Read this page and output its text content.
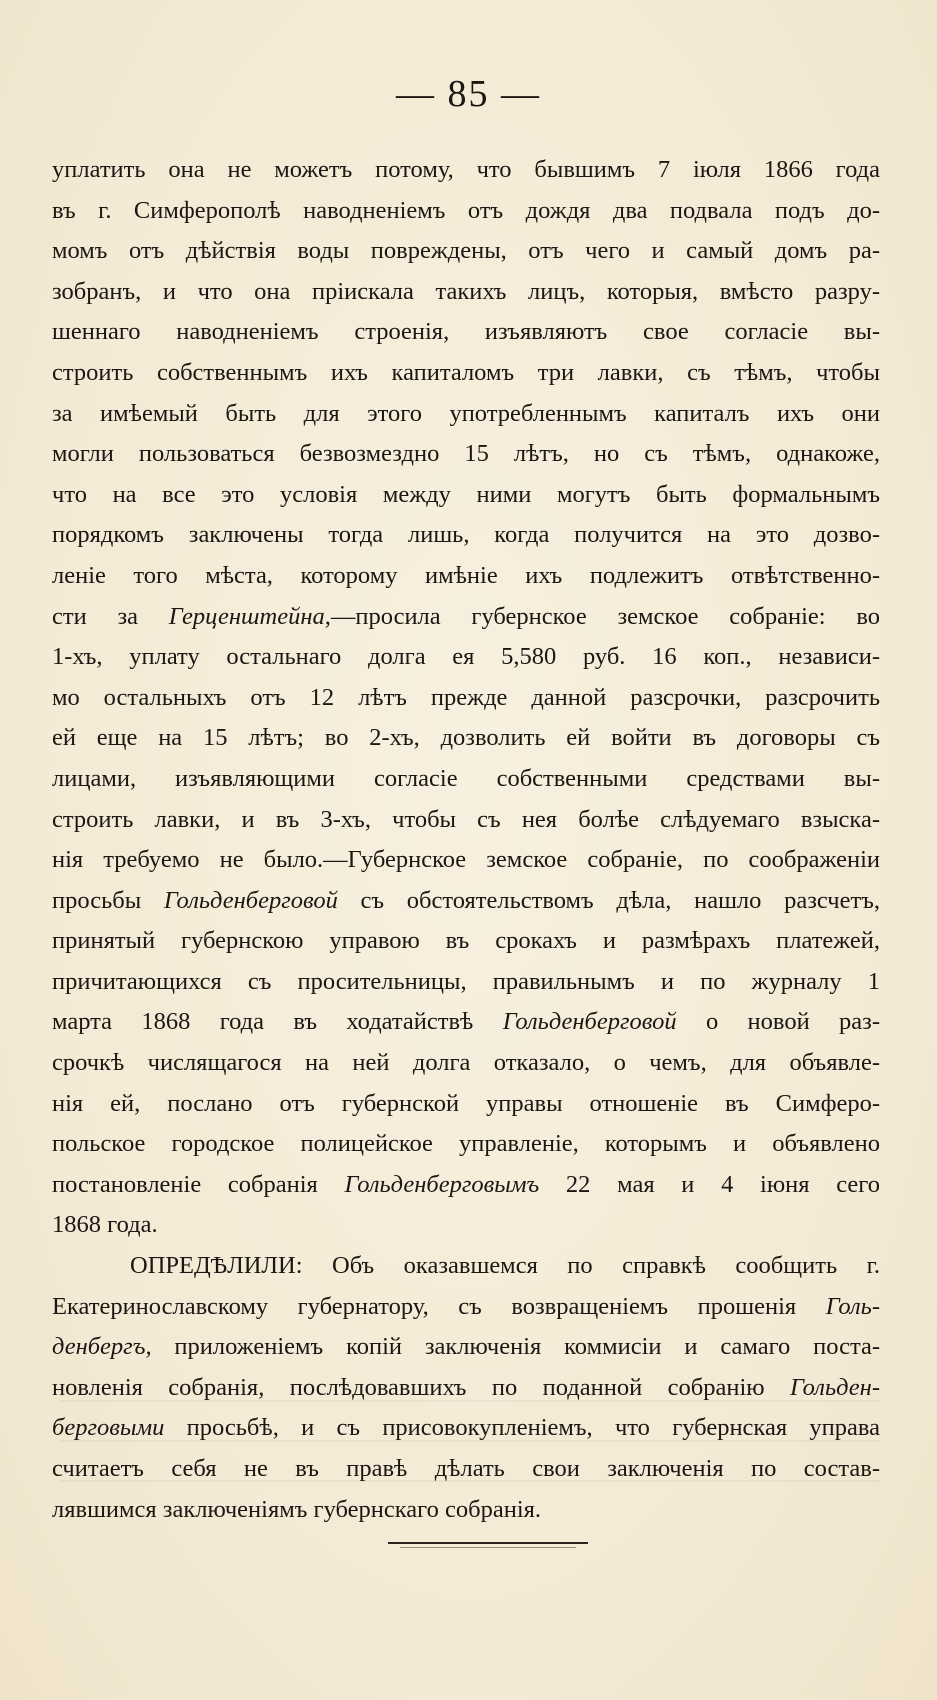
— 85 —
уплатить она не можетъ потому, что бывшимъ 7 іюля 1866 года
въ г. Симферополѣ наводненіемъ отъ дождя два подвала подъ до-
момъ отъ дѣйствія воды повреждены, отъ чего и самый домъ ра-
зобранъ, и что она пріискала такихъ лицъ, которыя, вмѣсто разру-
шеннаго наводненіемъ строенія, изъявляютъ свое согласіе вы-
строить собственнымъ ихъ капиталомъ три лавки, съ тѣмъ, чтобы
за имѣемый быть для этого употребленнымъ капиталъ ихъ они
могли пользоваться безвозмездно 15 лѣтъ, но съ тѣмъ, однакоже,
что на все это условія между ними могутъ быть формальнымъ
порядкомъ заключены тогда лишь, когда получится на это дозво-
леніе того мѣста, которому имѣніе ихъ подлежитъ отвѣтственно-
сти за Герценштейна,—просила губернское земское собраніе: во
1-хъ, уплату остальнаго долга ея 5,580 руб. 16 коп., независи-
мо остальныхъ отъ 12 лѣтъ прежде данной разсрочки, разсрочить
ей еще на 15 лѣтъ; во 2-хъ, дозволить ей войти въ договоры съ
лицами, изъявляющими согласіе собственными средствами вы-
строить лавки, и въ 3-хъ, чтобы съ нея болѣе слѣдуемаго взыска-
нія требуемо не было.—Губернское земское собраніе, по соображеніи
просьбы Гольденберговой съ обстоятельствомъ дѣла, нашло разсчетъ,
принятый губернскою управою въ срокахъ и размѣрахъ платежей,
причитающихся съ просительницы, правильнымъ и по журналу 1
марта 1868 года въ ходатайствѣ Гольденберговой о новой раз-
срочкѣ числящагося на ней долга отказало, о чемъ, для объявле-
нія ей, послано отъ губернской управы отношеніе въ Симферо-
польское городское полицейское управленіе, которымъ и объявлено
постановленіе собранія Гольденберговымъ 22 мая и 4 іюня сего
1868 года.
ОПРЕДѢЛИЛИ: Объ оказавшемся по справкѣ сообщить г.
Екатеринославскому губернатору, съ возвращеніемъ прошенія Голь-
денбергъ, приложеніемъ копій заключенія коммисіи и самаго поста-
новленія собранія, послѣдовавшихъ по поданной собранію Гольден-
берговыми просьбѣ, и съ присовокупленіемъ, что губернская управа
считаетъ себя не въ правѣ дѣлать свои заключенія по состав-
лявшимся заключеніямъ губернскаго собранія.
